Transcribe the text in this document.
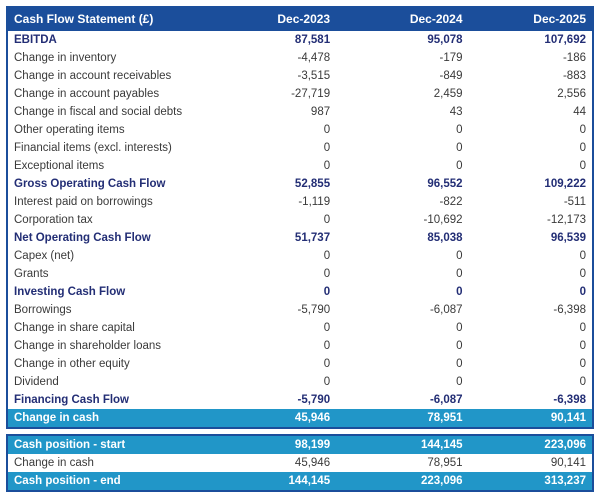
Cash Flow Statement (£)	Dec-2023	Dec-2024	Dec-2025
EBITDA	87,581	95,078	107,692
Change in inventory	-4,478	-179	-186
Change in account receivables	-3,515	-849	-883
Change in account payables	-27,719	2,459	2,556
Change in fiscal and social debts	987	43	44
Other operating items	0	0	0
Financial items (excl. interests)	0	0	0
Exceptional items	0	0	0
Gross Operating Cash Flow	52,855	96,552	109,222
Interest paid on borrowings	-1,119	-822	-511
Corporation tax	0	-10,692	-12,173
Net Operating Cash Flow	51,737	85,038	96,539
Capex (net)	0	0	0
Grants	0	0	0
Investing Cash Flow	0	0	0
Borrowings	-5,790	-6,087	-6,398
Change in share capital	0	0	0
Change in shareholder loans	0	0	0
Change in other equity	0	0	0
Dividend	0	0	0
Financing Cash Flow	-5,790	-6,087	-6,398
Change in cash	45,946	78,951	90,141
Cash position - start	98,199	144,145	223,096
Change in cash	45,946	78,951	90,141
Cash position - end	144,145	223,096	313,237
